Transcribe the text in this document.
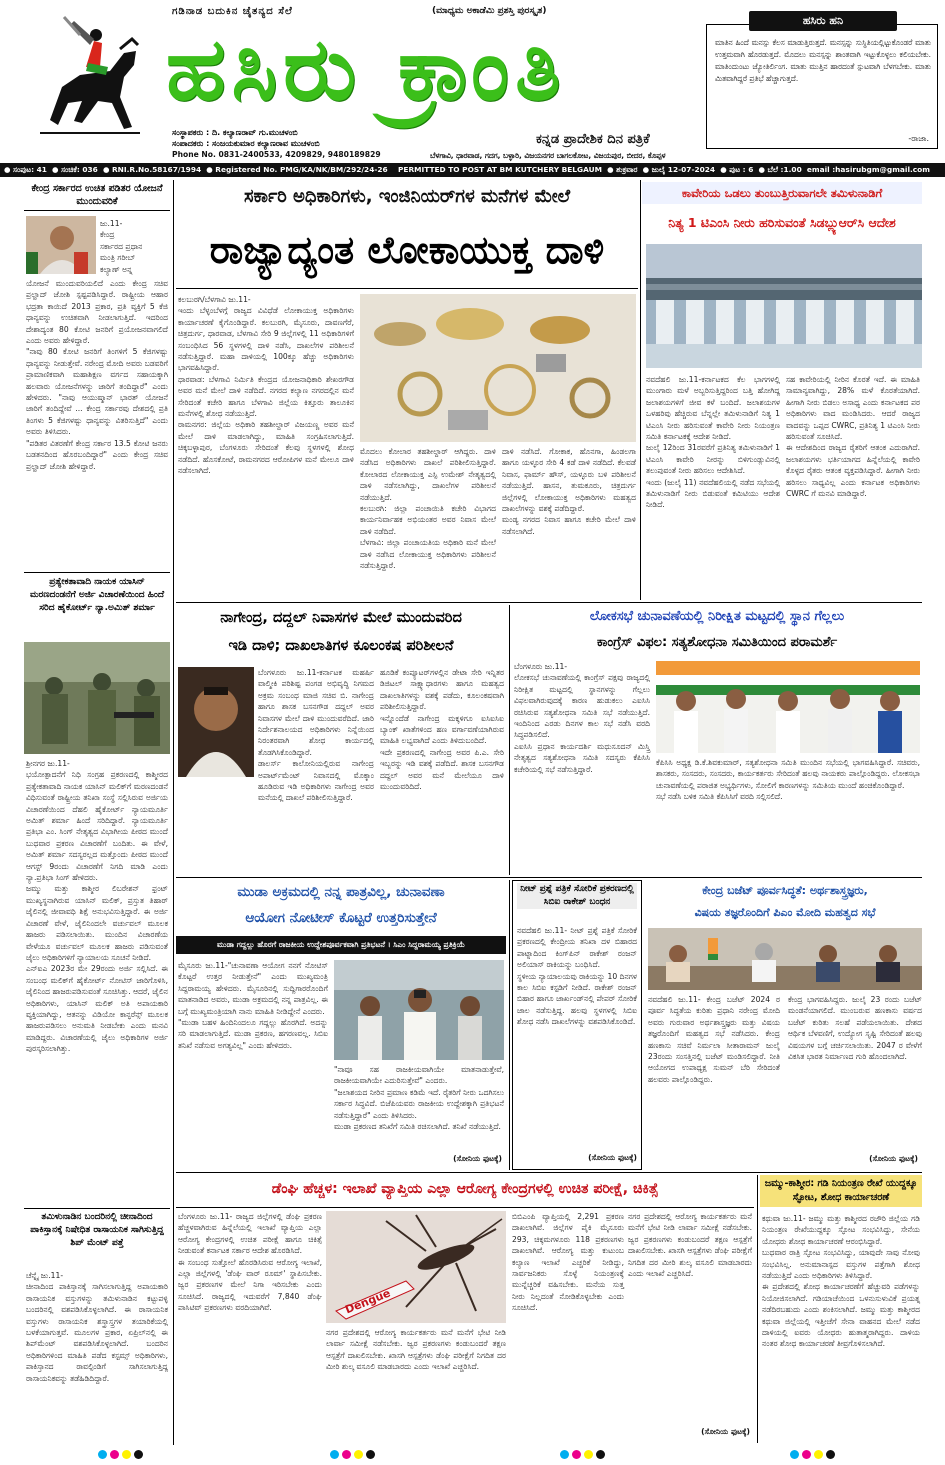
ಗಡಿನಾಡ ಬದುಕಿನ ಚೈತನ್ಯದ ಸೆಲೆ	(ಮಾಧ್ಯಮ ಅಕಾಡೆಮಿ ಪ್ರಶಸ್ತಿ ಪುರಸ್ಕೃತ)
ಹಸಿರು ಕ್ರಾಂತಿ
ಸಂಸ್ಥಾಪಕರು : ದಿ. ಕಲ್ಯಾಣರಾವ್ ಗು.ಮುಚಳಂಬಿ
ಸಂಪಾದಕರು : ಸಂಜಯಕುಮಾರ ಕಲ್ಯಾಣರಾವ ಮುಚಳಂಬಿ
Phone No. 0831-2400533, 4209829, 9480189829
ಕನ್ನಡ ಪ್ರಾದೇಶಿಕ ದಿನ ಪತ್ರಿಕೆ
ಬೆಳಗಾವಿ, ಧಾರವಾಡ, ಗದಗ, ಬಳ್ಳಾರಿ, ವಿಜಯನಗರ ಬಾಗಲಕೋಟ, ವಿಜಯಪುರ, ಬೀದರ, ಕೊಪ್ಪಳ
ಹಸಿರು ಹನಿ
ಮಾತಿನ ಹಿಂದೆ ಮನಸ್ಸು ಕೆಲಸ ಮಾಡುತ್ತಿರುತ್ತದೆ. ಮನಸ್ಸನ್ನು ಸುಸ್ಥಿತಿಯಲ್ಲಿಟ್ಟುಕೊಂಡರೆ ಮಾತು ಉತ್ತಮವಾಗಿ ಹೊರಡುತ್ತದೆ. ಮೊದಲು ಮನಸ್ಸನ್ನು ಶಾಂತವಾಗಿ ಇಟ್ಟುಕೊಳ್ಳಲು ಕಲಿಯಬೇಕು. ಮಾತಿಂದುಂಟು ಜ್ಯೋತಿರ್ಲಿಂಗ. ಮಾತು ಮುತ್ತಿನ ಹಾರದಂತೆ ಸ್ಪುಟವಾಗಿ ಬೆಳಗಬೇಕು. ಮಾತು ಮಿತವಾಗಿದ್ದರೆ ಪ್ರತಿಭೆ ಹೆಚ್ಚಾಗುತ್ತದೆ.
-ರಾಜಾ.
● ಸಂಪುಟ: 41 ● ಸಂಚಿಕೆ: 036 ● RNI.R.No.58167/1994 ● Registered No. PMG/KA/NK/BM/292/24-26 PERMITTED TO POST AT BM KUTCHERY BELGAUM ● ಶುಕ್ರವಾರ ● ಜುಲೈ 12-07-2024 ● ಪುಟ : 6 ● ಬೆಲೆ :1.00 email :hasirubgm@gmail.com
ಕೇಂದ್ರ ಸರ್ಕಾರದ ಉಚಿತ ಪಡಿತರ ಯೋಜನೆ ಮುಂದುವರಿಕೆ
ಜು.11-
ಕೇಂದ್ರ
ಸರ್ಕಾರದ ಪ್ರಧಾನ
ಮಂತ್ರಿ ಗರೀಬ್
ಕಲ್ಯಾಣ್ ಅನ್ನ
ಯೋಜನೆ ಮುಂದುವರಿಯಲಿದೆ ಎಂದು ಕೇಂದ್ರ ಸಚಿವ ಪ್ರಲ್ಹಾದ್ ಜೋಶಿ ಸ್ಪಷ್ಟಪಡಿಸಿದ್ದಾರೆ. ರಾಷ್ಟ್ರೀಯ ಆಹಾರ ಭದ್ರತಾ ಕಾಯಿದೆ 2013 ಪ್ರಕಾರ, ಪ್ರತಿ ವ್ಯಕ್ತಿಗೆ 5 ಕೆಜಿ ಧಾನ್ಯವನ್ನು ಉಚಿತವಾಗಿ ನೀಡಲಾಗುತ್ತಿದೆ. ಇದರಿಂದ ದೇಶಾದ್ಯಂತ 80 ಕೋಟಿ ಜನರಿಗೆ ಪ್ರಯೋಜನವಾಗಲಿದೆ ಎಂದು ಅವರು ಹೇಳಿದ್ದಾರೆ.
"ನಾವು 80 ಕೋಟಿ ಜನರಿಗೆ ತಿಂಗಳಿಗೆ 5 ಕೆಜಿಗಳಷ್ಟು ಧಾನ್ಯವನ್ನು ನೀಡುತ್ತೇವೆ. ನರೇಂದ್ರ ಮೋದಿ ಅವರು ಬಡವರಿಗೆ ಪ್ರಾಮಾಣಿಕವಾಗಿ ಮಹಾಶಿಕ್ಷಣ ವರ್ಗದ ಸಹಾಯಕ್ಕಾಗಿ ಹಲವಾರು ಯೋಜನೆಗಳನ್ನು ಜಾರಿಗೆ ತಂದಿದ್ದಾರೆ" ಎಂದು ಹೇಳಿದರು. "ನಾವು ಆಯುಷ್ಮಾನ್ ಭಾರತ್ ಯೋಜನೆ ಜಾರಿಗೆ ತಂದಿದ್ದೇವೆ ... ಕೇಂದ್ರ ಸರ್ಕಾರವು ದೇಶದಲ್ಲಿ ಪ್ರತಿ ತಿಂಗಳು 5 ಕೆಜಿಗಳಷ್ಟು ಧಾನ್ಯವನ್ನು ವಿತರಿಸುತ್ತಿದೆ" ಎಂದು ಅವರು ತಿಳಿಸಿದರು.
"ಪಡಿತರ ವಿತರಣೆಗೆ ಕೇಂದ್ರ ಸರ್ಕಾರ 13.5 ಕೋಟಿ ಜನರು ಬಡತನದಿಂದ ಹೊರಬಂದಿದ್ದಾರೆ" ಎಂದು ಕೇಂದ್ರ ಸಚಿವ ಪ್ರಲ್ಹಾದ್ ಜೋಶಿ ಹೇಳಿದ್ದಾರೆ.
ಪ್ರತ್ಯೇಕತಾವಾದಿ ನಾಯಕ ಯಾಸಿನ್ ಮರಣದಂಡನೆಗೆ ಅರ್ಜಿ ವಿಚಾರಣೆಯಿಂದ ಹಿಂದೆ ಸರಿದ ಹೈಕೋರ್ಟ್ ನ್ಯಾ.ಅಮಿತ್ ಶರ್ಮಾ
ಶ್ರೀನಗರ ಜು.11-
ಭಯೋತ್ಪಾದನೆಗೆ ನಿಧಿ ಸಂಗ್ರಹ ಪ್ರಕರಣದಲ್ಲಿ ಕಾಶ್ಮೀರದ ಪ್ರತ್ಯೇಕತಾವಾದಿ ನಾಯಕ ಯಾಸಿನ್ ಮಲಿಕ್‌ಗೆ ಮರಣದಂಡನೆ ವಿಧಿಸುವಂತೆ ರಾಷ್ಟ್ರೀಯ ತನಿಖಾ ಸಂಸ್ಥೆ ಸಲ್ಲಿಸಿರುವ ಅರ್ಜಿಯ ವಿಚಾರಣೆಯಿಂದ ದೆಹಲಿ ಹೈಕೋರ್ಟ್ ನ್ಯಾಯಮೂರ್ತಿ ಅಮಿತ್ ಶರ್ಮಾ ಹಿಂದೆ ಸರಿದಿದ್ದಾರೆ. ನ್ಯಾಯಮೂರ್ತಿ ಪ್ರತಿಭಾ ಎಂ. ಸಿಂಗ್ ನೇತೃತ್ವದ ವಿಭಾಗೀಯ ಪೀಠದ ಮುಂದೆ ಬುಧವಾರ ಪ್ರಕರಣ ವಿಚಾರಣೆಗೆ ಬಂದಿತು. ಈ ವೇಳೆ, ಅಮಿತ್ ಶರ್ಮಾ ಸದಸ್ಯರಲ್ಲದ ಮತ್ತೊಂದು ಪೀಠದ ಮುಂದೆ ಆಗಸ್ಟ್ 9ರಂದು ವಿಚಾರಣೆಗೆ ನಿಗದಿ ಮಾಡಿ ಎಂದು ನ್ಯಾ.ಪ್ರತಿಭಾ ಸಿಂಗ್ ಹೇಳಿದರು.
ಜಮ್ಮು ಮತ್ತು ಕಾಶ್ಮೀರ ಲಿಬರೇಶನ್ ಫ್ರಂಟ್ ಮುಖ್ಯಸ್ಥನಾಗಿರುವ ಯಾಸಿನ್ ಮಲಿಕ್, ಪ್ರಸ್ತುತ ತಿಹಾರ್ ಜೈಲಿನಲ್ಲಿ ಜೀವಾವಧಿ ಶಿಕ್ಷೆ ಅನುಭವಿಸುತ್ತಿದ್ದಾರೆ. ಈ ಅರ್ಜಿ ವಿಚಾರಣೆ ವೇಳೆ, ಜೈಲಿನಿಂದಲೇ ವರ್ಚುವಲ್ ಮೂಲಕ ಹಾಜರು ಪಡಿಸಲಾಯಿತು. ಮುಂದಿನ ವಿಚಾರಣೆಯ ವೇಳೆಯೂ ವರ್ಚುವಲ್ ಮೂಲಕ ಹಾಜರು ಪಡಿಸುವಂತೆ ಜೈಲು ಅಧಿಕಾರಿಗಳಿಗೆ ನ್ಯಾಯಾಲಯ ಸೂಚನೆ ನೀಡಿದೆ.
ಎನ್ಐಎ 2023ರ ಮೇ 29ರಂದು ಅರ್ಜಿ ಸಲ್ಲಿಸಿದೆ. ಈ ಸಂಬಂಧ ಮಲಿಕ್‌ಗೆ ಹೈಕೋರ್ಟ್ ನೋಟಿಸ್ ಜಾರಿಗೊಳಿಸಿ, ಜೈಲಿನಿಂದ ಹಾಜರುಪಡಿಸುವಂತೆ ಸೂಚಿಸಿತ್ತು. ಆದರೆ, ಜೈಲಿನ ಅಧಿಕಾರಿಗಳು, ಯಾಸಿನ್ ಮಲಿಕ್ ಅತಿ ಅಪಾಯಕಾರಿ ವ್ಯಕ್ತಿಯಾಗಿದ್ದು, ಆತನನ್ನು ವಿಡಿಯೋ ಕಾನ್ಫರೆನ್ಸ್ ಮೂಲಕ ಹಾಜರುಪಡಿಸಲು ಅನುಮತಿ ನೀಡಬೇಕು ಎಂದು ಮನವಿ ಮಾಡಿದ್ದರು. ವಿಚಾರಣೆಯಲ್ಲಿ ಜೈಲು ಅಧಿಕಾರಿಗಳ ಅರ್ಜಿ ಪುರಸ್ಕರಿಸಲಾಗಿತ್ತು.
ತಮಿಳುನಾಡಿನ ಬಂದರಿನಲ್ಲಿ ಚೀನಾದಿಂದ ಪಾಕಿಸ್ತಾನಕ್ಕೆ ನಿಷೇಧಿತ ರಾಸಾಯನಿಕ ಸಾಗಿಸುತ್ತಿದ್ದ ಶಿಪ್ ಮೆಂಟ್ ಪತ್ತೆ
ಚೆನ್ನೈ ಜು.11-
ಚೀನಾದಿಂದ ಪಾಕಿಸ್ತಾನಕ್ಕೆ ಸಾಗಿಸಲಾಗುತ್ತಿದ್ದ ಅಪಾಯಕಾರಿ ರಾಸಾಯನಿಕ ವಸ್ತುಗಳನ್ನು ತಮಿಳುನಾಡಿನ ಕಟ್ಟುಪಳ್ಳಿ ಬಂದರಿನಲ್ಲಿ ವಶಪಡಿಸಿಕೊಳ್ಳಲಾಗಿದೆ. ಈ ರಾಸಾಯನಿಕ ವಸ್ತುಗಳು ರಾಸಾಯನಿಕ ಶಸ್ತ್ರಾಸ್ತ್ರಗಳ ತಯಾರಿಕೆಯಲ್ಲಿ ಬಳಕೆಯಾಗುತ್ತವೆ. ಮೂಲಗಳ ಪ್ರಕಾರ, ಏಪ್ರಿಲ್‌ನಲ್ಲಿ ಈ ಶಿಪ್‌ಮೆಂಟ್ ವಶಪಡಿಸಿಕೊಳ್ಳಲಾಗಿದೆ. ಬಂದರಿನ ಅಧಿಕಾರಿಗಳಿಂದ ಮಾಹಿತಿ ಪಡೆದ ಕಸ್ಟಮ್ಸ್ ಅಧಿಕಾರಿಗಳು, ಪಾಕಿಸ್ತಾನದ ರಾವಲ್ಪಿಂಡಿಗೆ ಸಾಗಿಸಲಾಗುತ್ತಿದ್ದ ರಾಸಾಯನಿಕವನ್ನು ತಡೆಹಿಡಿದಿದ್ದಾರೆ.
ಸರ್ಕಾರಿ ಅಧಿಕಾರಿಗಳು, ಇಂಜಿನಿಯರ್‌ಗಳ ಮನೆಗಳ ಮೇಲೆ
ರಾಜ್ಯಾದ್ಯಂತ ಲೋಕಾಯುಕ್ತ ದಾಳಿ
ಕಲಬುರಗಿ/ಬೆಳಗಾವಿ ಜು.11-
ಇಂದು ಬೆಳ್ಳಂಬೆಳಗ್ಗೆ ರಾಜ್ಯದ ವಿವಿಧೆಡೆ ಲೋಕಾಯುಕ್ತ ಅಧಿಕಾರಿಗಳು ಕಾರ್ಯಾಚರಣೆ ಕೈಗೊಂಡಿದ್ದಾರೆ. ಕಲಬುರಗಿ, ಮೈಸೂರು, ದಾವಣಗೆರೆ, ಚಿತ್ರದುರ್ಗ, ಧಾರವಾಡ, ಬೆಳಗಾವಿ ಸೇರಿ 9 ಜಿಲ್ಲೆಗಳಲ್ಲಿ 11 ಅಧಿಕಾರಿಗಳಿಗೆ ಸಂಬಂಧಿಸಿದ 56 ಸ್ಥಳಗಳಲ್ಲಿ ದಾಳಿ ನಡೆಸಿ, ದಾಖಲೆಗಳ ಪರಿಶೀಲನೆ ನಡೆಸುತ್ತಿದ್ದಾರೆ. ಮಹಾ ದಾಳಿಯಲ್ಲಿ 100ಕ್ಕೂ ಹೆಚ್ಚು ಅಧಿಕಾರಿಗಳು ಭಾಗವಹಿಸಿದ್ದಾರೆ.
ಧಾರವಾಡ: ಬೆಳಗಾವಿ ನಿರ್ಮಿತಿ ಕೇಂದ್ರದ ಯೋಜನಾಧಿಕಾರಿ ಶೇಖರಗೌಡ ಅವರ ಮನೆ ಮೇಲೆ ದಾಳಿ ನಡೆದಿದೆ. ನಗರದ ಕಲ್ಯಾಣ ನಗರದಲ್ಲಿನ ಮನೆ ಸೇರಿದಂತೆ ಕಚೇರಿ ಹಾಗೂ ಬೆಳಗಾವಿ ಜಿಲ್ಲೆಯ ಕಿತ್ತೂರು ತಾಲೂಕಿನ ಮನೆಗಳಲ್ಲಿ ಶೋಧ ನಡೆಯುತ್ತಿದೆ.
ರಾಮನಗರ: ಜಿಲ್ಲೆಯ ಅಧಿಕಾರಿ ತಹಶೀಲ್ದಾರ್ ವಿಜಯಣ್ಣ ಅವರ ಮನೆ ಮೇಲೆ ದಾಳಿ ಮಾಡಲಾಗಿದ್ದು, ಮಾಹಿತಿ ಸಂಗ್ರಹಿಸಲಾಗುತ್ತಿದೆ. ಚಿಕ್ಕಬಳ್ಳಾಪುರ, ಬೆಂಗಳೂರು ಸೇರಿದಂತೆ ಕೆಲವು ಸ್ಥಳಗಳಲ್ಲಿ ಶೋಧ ನಡೆದಿದೆ. ಹೊಸಕೋಟೆ, ರಾಮನಗರದ ಆರೋಪಿಗಳ ಮನೆ ಮೇಲೂ ದಾಳಿ ನಡೆಸಲಾಗಿದೆ.
ಮೊದಲು ಕೋಲಾರ ತಹಶೀಲ್ದಾರ್ ಆಗಿದ್ದರು. ದಾಳಿ ನಡೆಸಿದ ಅಧಿಕಾರಿಗಳು ದಾಖಲೆ ಪರಿಶೀಲಿಸುತ್ತಿದ್ದಾರೆ. ಕೋಲಾರದ ಲೋಕಾಯುಕ್ತ ಎಸ್ಪಿ ಉಮೇಶ್ ನೇತೃತ್ವದಲ್ಲಿ ದಾಳಿ ನಡೆಸಲಾಗಿದ್ದು, ದಾಖಲೆಗಳ ಪರಿಶೀಲನೆ ನಡೆಯುತ್ತಿದೆ.
ಕಲಬುರಗಿ: ಜಿಲ್ಲಾ ಪಂಚಾಯಿತಿ ಕಚೇರಿ ವಿಭಾಗದ ಕಾರ್ಯನಿರ್ವಾಹಕ ಅಭಿಯಂತರ ಅವರ ನಿವಾಸ ಮೇಲೆ ದಾಳಿ ನಡೆದಿದೆ.
ಬೆಳಗಾವಿ: ಜಿಲ್ಲಾ ಪಂಚಾಯತಿಯ ಅಧಿಕಾರಿ ಮನೆ ಮೇಲೆ ದಾಳಿ ನಡೆಸಿದ ಲೋಕಾಯುಕ್ತ ಅಧಿಕಾರಿಗಳು ಪರಿಶೀಲನೆ ನಡೆಸುತ್ತಿದ್ದಾರೆ.
ದಾಳಿ ನಡೆಸಿದೆ. ಗೋಕಾಕ, ಹೊನಗಾ, ಹಿಂಡಲಗಾ ಹಾಗೂ ಯಳ್ಳೂರ ಸೇರಿ 4 ಕಡೆ ದಾಳಿ ನಡೆದಿದೆ. ಕೆಲವಡೆ ನಿವಾಸ, ಫಾರ್ಮ್ ಹೌಸ್, ಯಳ್ಳೂರು ಬಳಿ ಪರಿಶೀಲನೆ ನಡೆಯುತ್ತಿದೆ. ಹಾಸನ, ತುಮಕೂರು, ಚಿತ್ರದುರ್ಗ ಜಿಲ್ಲೆಗಳಲ್ಲಿ ಲೋಕಾಯುಕ್ತ ಅಧಿಕಾರಿಗಳು ಮಹತ್ವದ ದಾಖಲೆಗಳನ್ನು ವಶಕ್ಕೆ ಪಡೆದಿದ್ದಾರೆ.
ಮಂಡ್ಯ ನಗರದ ನಿವಾಸ ಹಾಗೂ ಕಚೇರಿ ಮೇಲೆ ದಾಳಿ ನಡೆಸಲಾಗಿದೆ.
ಕಾವೇರಿಯ ಒಡಲು ತುಂಬುತ್ತಿರುವಾಗಲೇ ತಮಿಳುನಾಡಿಗೆ
ನಿತ್ಯ 1 ಟಿಎಂಸಿ ನೀರು ಹರಿಸುವಂತೆ ಸಿಡಬ್ಲ್ಯುಆರ್‌ಸಿ ಆದೇಶ
ನವದೆಹಲಿ ಜು.11-ಕರ್ನಾಟಕದ ಕೆಲ ಭಾಗಗಳಲ್ಲಿ ಮುಂಗಾರು ಮಳೆ ಅಬ್ಬರಿಸುತ್ತಿದ್ದರಿಂದ ಬತ್ತಿ ಹೋಗಿದ್ದ ಜಲಾಶಯಗಳಿಗೆ ಜೀವ ಕಳೆ ಬಂದಿದೆ. ಜಲಾಶಯಗಳ ಒಳಹರಿವು ಹೆಚ್ಚಿರುವ ಬೆನ್ನಲ್ಲೇ ತಮಿಳುನಾಡಿಗೆ ನಿತ್ಯ 1 ಟಿಎಂಸಿ ನೀರು ಹರಿಸುವಂತೆ ಕಾವೇರಿ ನೀರು ನಿಯಂತ್ರಣ ಸಮಿತಿ ಕರ್ನಾಟಕಕ್ಕೆ ಆದೇಶ ನೀಡಿದೆ.
ಜುಲೈ 12ರಿಂದ 31ರವರೆಗೆ ಪ್ರತಿನಿತ್ಯ ತಮಿಳುನಾಡಿಗೆ 1 ಟಿಎಂಸಿ ಕಾವೇರಿ ನೀರನ್ನು ಬಿಳಿಗುಂಡ್ಲುವಿನಲ್ಲಿ ತಲುಪುವಂತೆ ನೀರು ಹರಿಸಲು ಆದೇಶಿಸಿದೆ.
ಇಂದು (ಜುಲೈ 11) ನವದೆಹಲಿಯಲ್ಲಿ ನಡೆದ ಸಭೆಯಲ್ಲಿ ತಮಿಳುನಾಡಿಗೆ ನೀರು ಬಿಡುವಂತೆ ಕಮಿಟಿಯು ಆದೇಶ ನೀಡಿದೆ.
ಸಹ ಕಾವೇರಿಯಲ್ಲಿ ನೀರಿನ ಕೊರತೆ ಇದೆ. ಈ ಮಾಹಿತಿ ಸಾಮಾನ್ಯವಾಗಿದ್ದು, 28% ಮಳೆ ಕೊರತೆಯಾಗಿದೆ. ಹೀಗಾಗಿ ನೀರು ಬಿಡಲು ಅಸಾಧ್ಯ ಎಂದು ಕರ್ನಾಟಕದ ಪರ ಅಧಿಕಾರಿಗಳು ವಾದ ಮಂಡಿಸಿದರು. ಆದರೆ ರಾಜ್ಯದ ವಾದವನ್ನು ಒಪ್ಪದ CWRC, ಪ್ರತಿನಿತ್ಯ 1 ಟಿಎಂಸಿ ನೀರು ಹರಿಸುವಂತೆ ಸೂಚಿಸಿದೆ.
ಈ ಆದೇಶದಿಂದ ರಾಜ್ಯದ ರೈತರಿಗೆ ಆತಂಕ ಎದುರಾಗಿದೆ. ಜಲಾಶಯಗಳು ಭರ್ತಿಯಾಗದ ಹಿನ್ನೆಲೆಯಲ್ಲಿ ಕಾವೇರಿ ಕೊಳ್ಳದ ರೈತರು ಆತಂಕ ವ್ಯಕ್ತಪಡಿಸಿದ್ದಾರೆ. ಹೀಗಾಗಿ ನೀರು ಹರಿಸಲು ಸಾಧ್ಯವಿಲ್ಲ ಎಂದು ಕರ್ನಾಟಕ ಅಧಿಕಾರಿಗಳು CWRC ಗೆ ಮನವಿ ಮಾಡಿದ್ದಾರೆ.
ನಾಗೇಂದ್ರ, ದದ್ದಲ್ ನಿವಾಸಗಳ ಮೇಲೆ ಮುಂದುವರಿದ
ಇಡಿ ದಾಳಿ; ದಾಖಲಾತಿಗಳ ಕೂಲಂಕಷ ಪರಿಶೀಲನೆ
ಬೆಂಗಳೂರು ಜು.11-ಕರ್ನಾಟಕ ಮಹರ್ಷಿ ವಾಲ್ಮೀಕಿ ಪರಿಶಿಷ್ಟ ಪಂಗಡ ಅಭಿವೃದ್ಧಿ ನಿಗಮದ ಅಕ್ರಮ ಸಂಬಂಧ ಮಾಜಿ ಸಚಿವ ಬಿ. ನಾಗೇಂದ್ರ ಹಾಗೂ ಶಾಸಕ ಬಸನಗೌಡ ದದ್ದಲ್ ಅವರ ನಿವಾಸಗಳ ಮೇಲೆ ದಾಳಿ ಮುಂದುವರೆದಿದೆ. ಜಾರಿ ನಿರ್ದೇಶನಾಲಯದ ಅಧಿಕಾರಿಗಳು ನಿನ್ನೆಯಿಂದ ನಿರಂತರವಾಗಿ ಶೋಧ ಕಾರ್ಯದಲ್ಲಿ ತೊಡಗಿಸಿಕೊಂಡಿದ್ದಾರೆ.
ಡಾಲರ್ಸ್ ಕಾಲೋನಿಯಲ್ಲಿರುವ ನಾಗೇಂದ್ರ ಅಪಾರ್ಟ್‌ಮೆಂಟ್ ನಿವಾಸದಲ್ಲಿ ಮೊಕ್ಕಾಂ ಹೂಡಿರುವ ಇಡಿ ಅಧಿಕಾರಿಗಳು ನಾಗೇಂದ್ರ ಅವರ ಮನೆಯಲ್ಲಿ ದಾಖಲೆ ಪರಿಶೀಲಿಸುತ್ತಿದ್ದಾರೆ.
ಹೂಡಿಕೆ ಕಂಪ್ಯೂಟರ್‌ಗಳಲ್ಲಿನ ಡೇಟಾ ಸೇರಿ ಇನ್ನಿತರ ಡಿಜಿಟಲ್ ಸಾಕ್ಷ್ಯಾಧಾರಗಳು ಹಾಗೂ ಮಹತ್ವದ ದಾಖಲಾತಿಗಳನ್ನು ವಶಕ್ಕೆ ಪಡೆದು, ಕೂಲಂಕಷವಾಗಿ ಪರಿಶೀಲಿಸುತ್ತಿದ್ದಾರೆ.
ಇನ್ನೊಂದೆಡೆ ನಾಗೇಂದ್ರ ಮಕ್ಕಳಿಗೂ ಐಸಿಐಸಿಐ ಬ್ಯಾಂಕ್ ಖಾತೆಗಳಿಂದ ಹಣ ವರ್ಗಾವಣೆಯಾಗಿರುವ ಮಾಹಿತಿ ಲಭ್ಯವಾಗಿದೆ ಎಂದು ತಿಳಿದುಬಂದಿದೆ.
ಇದೇ ಪ್ರಕರಣದಲ್ಲಿ ನಾಗೇಂದ್ರ ಅವರ ಪಿ.ಎ. ಸೇರಿ ಇಬ್ಬರನ್ನು ಇಡಿ ವಶಕ್ಕೆ ಪಡೆದಿದೆ. ಶಾಸಕ ಬಸನಗೌಡ ದದ್ದಲ್ ಅವರ ಮನೆ ಮೇಲೆಯೂ ದಾಳಿ ಮುಂದುವರಿದಿದೆ.
ಲೋಕಸಭೆ ಚುನಾವಣೆಯಲ್ಲಿ ನಿರೀಕ್ಷಿತ ಮಟ್ಟದಲ್ಲಿ ಸ್ಥಾನ ಗೆಲ್ಲಲು
ಕಾಂಗ್ರೆಸ್ ವಿಫಲ: ಸತ್ಯಶೋಧನಾ ಸಮಿತಿಯಿಂದ ಪರಾಮರ್ಶೆ
ಬೆಂಗಳೂರು ಜು.11-
ಲೋಕಸಭೆ ಚುನಾವಣೆಯಲ್ಲಿ ಕಾಂಗ್ರೆಸ್ ಪಕ್ಷವು ರಾಜ್ಯದಲ್ಲಿ ನಿರೀಕ್ಷಿತ ಮಟ್ಟದಲ್ಲಿ ಸ್ಥಾನಗಳನ್ನು ಗೆಲ್ಲಲು ವಿಫಲವಾಗಿರುವುದಕ್ಕೆ ಕಾರಣ ಹುಡುಕಲು ಎಐಸಿಸಿ ರಚಿಸಿರುವ ಸತ್ಯಶೋಧನಾ ಸಮಿತಿ ಸಭೆ ನಡೆಯುತ್ತಿದೆ. ಇಂದಿನಿಂದ ಎರಡು ದಿನಗಳ ಕಾಲ ಸಭೆ ನಡೆಸಿ ವರದಿ ಸಿದ್ಧಪಡಿಸಲಿದೆ.
ಎಐಸಿಸಿ ಪ್ರಧಾನ ಕಾರ್ಯದರ್ಶಿ ಮಧುಸೂದನ್ ಮಿಸ್ತ್ರಿ ನೇತೃತ್ವದ ಸತ್ಯಶೋಧನಾ ಸಮಿತಿ ಸದಸ್ಯರು ಕೆಪಿಸಿಸಿ ಕಚೇರಿಯಲ್ಲಿ ಸಭೆ ನಡೆಸುತ್ತಿದ್ದಾರೆ.
ಕೆಪಿಸಿಸಿ ಅಧ್ಯಕ್ಷ ಡಿ.ಕೆ.ಶಿವಕುಮಾರ್, ಸತ್ಯಶೋಧನಾ ಸಮಿತಿ ಮುಂದಿನ ಸಭೆಯಲ್ಲಿ ಭಾಗವಹಿಸಿದ್ದಾರೆ. ಸಚಿವರು, ಶಾಸಕರು, ಸಂಸದರು, ಸಂಸದರು, ಕಾರ್ಯಕರ್ತರು ಸೇರಿದಂತೆ ಹಲವು ನಾಯಕರು ಪಾಲ್ಗೊಂಡಿದ್ದರು. ಲೋಕಸಭಾ ಚುನಾವಣೆಯಲ್ಲಿ ಪರಾಜಿತ ಅಭ್ಯರ್ಥಿಗಳು, ಸೋಲಿಗೆ ಕಾರಣಗಳನ್ನು ಸಮಿತಿಯ ಮುಂದೆ ಹಂಚಿಕೊಂಡಿದ್ದಾರೆ.
ಸಭೆ ನಡೆಸಿ ಬಳಿಕ ಸಮಿತಿ ಕೆಪಿಸಿಸಿಗೆ ವರದಿ ಸಲ್ಲಿಸಲಿದೆ.
ಮುಡಾ ಅಕ್ರಮದಲ್ಲಿ ನನ್ನ ಪಾತ್ರವಿಲ್ಲ, ಚುನಾವಣಾ
ಆಯೋಗ ನೋಟೀಸ್ ಕೊಟ್ಟರೆ ಉತ್ತರಿಸುತ್ತೇನೆ
ಮುಡಾ ಗದ್ದಲ್ಲು ಹೊರಗೆ ರಾಜಕೀಯ ಉದ್ದೇಶಪೂರ್ವಕವಾಗಿ ಪ್ರತಿಭಟನೆ । ಸಿಎಂ ಸಿದ್ದರಾಮಯ್ಯ ಪ್ರತಿಕ್ರಿಯೆ
ಮೈಸೂರು ಜು.11-"ಚುನಾವಣಾ ಆಯೋಗ ನನಗೆ ನೋಟಿಸ್ ಕೊಟ್ಟರೆ ಉತ್ತರ ನೀಡುತ್ತೇನೆ" ಎಂದು ಮುಖ್ಯಮಂತ್ರಿ ಸಿದ್ದರಾಮಯ್ಯ ಹೇಳಿದರು. ಮೈಸೂರಿನಲ್ಲಿ ಸುದ್ದಿಗಾರರೊಂದಿಗೆ ಮಾತನಾಡಿದ ಅವರು, ಮುಡಾ ಅಕ್ರಮದಲ್ಲಿ ನನ್ನ ಪಾತ್ರವಿಲ್ಲ. ಈ ಬಗ್ಗೆ ಮುಖ್ಯಮಂತ್ರಿಯಾಗಿ ನಾನು ಮಾಹಿತಿ ನೀಡಿದ್ದೇನೆ ಎಂದರು.
"ಮುಡಾ ಬಹಳ ಹಿಂದಿನಿಂದಲೂ ಗದ್ದಲ್ಲು ಹೊರಗಿದೆ. ಅದನ್ನು ಸರಿ ಮಾಡಲಾಗುತ್ತಿದೆ. ಮುಡಾ ಪ್ರಕರಣ, ಹಗರಣವಲ್ಲ. ಸಿಬಿಐ ತನಿಖೆ ನಡೆಸುವ ಅಗತ್ಯವಿಲ್ಲ" ಎಂದು ಹೇಳಿದರು.
"ನಾವೂ ಸಹ ರಾಜಕೀಯವಾಗಿಯೇ ಮಾತನಾಡುತ್ತೇವೆ, ರಾಜಕೀಯವಾಗಿಯೇ ಎದುರಿಸುತ್ತೇವೆ" ಎಂದರು.
"ಜಲಾಶಯದ ನೀರಿನ ಪ್ರಮಾಣ ಕಡಿಮೆ ಇದೆ. ರೈತರಿಗೆ ನೀರು ಒದಗಿಸಲು ಸರ್ಕಾರ ಸಿದ್ಧವಿದೆ. ಬಿಜೆಪಿಯವರು ರಾಜಕೀಯ ಉದ್ದೇಶಕ್ಕಾಗಿ ಪ್ರತಿಭಟನೆ ನಡೆಸುತ್ತಿದ್ದಾರೆ" ಎಂದು ತಿಳಿಸಿದರು.
ಮುಡಾ ಪ್ರಕರಣದ ತನಿಖೆಗೆ ಸಮಿತಿ ರಚಿಸಲಾಗಿದೆ. ತನಿಖೆ ನಡೆಯುತ್ತಿದೆ.
(ಸೋನಿಯ ಫುಟಕ್ಕೆ)
ನೀಟ್ ಪ್ರಶ್ನೆ ಪತ್ರಿಕೆ ಸೋರಿಕೆ ಪ್ರಕರಣದಲ್ಲಿ ಸಿಬಿಐ ರಾಕೇಶ್ ಬಂಧನ
ನವದೆಹಲಿ ಜು.11- ನೀಟ್ ಪ್ರಶ್ನೆ ಪತ್ರಿಕೆ ಸೋರಿಕೆ ಪ್ರಕರಣದಲ್ಲಿ ಕೇಂದ್ರೀಯ ತನಿಖಾ ದಳ ಬಿಹಾರದ ಪಾಟ್ನಾದಿಂದ ಕಿಂಗ್‌ಪಿನ್ ರಾಕೇಶ್ ರಂಜನ್ ಅಲಿಯಾಸ್ ರಾಕಿಯನ್ನು ಬಂಧಿಸಿದೆ.
ಸ್ಥಳೀಯ ನ್ಯಾಯಾಲಯವು ರಾಕಿಯನ್ನು 10 ದಿನಗಳ ಕಾಲ ಸಿಬಿಐ ಕಸ್ಟಡಿಗೆ ನೀಡಿದೆ. ರಾಕೇಶ್ ರಂಜನ್ ಬಿಹಾರ ಹಾಗೂ ಜಾರ್ಖಂಡ್‌ನಲ್ಲಿ ಪೇಪರ್ ಸೋರಿಕೆ ಜಾಲ ನಡೆಸುತ್ತಿದ್ದ. ಹಲವು ಸ್ಥಳಗಳಲ್ಲಿ ಸಿಬಿಐ ಶೋಧ ನಡೆಸಿ ದಾಖಲೆಗಳನ್ನು ವಶಪಡಿಸಿಕೊಂಡಿದೆ.
(ಸೋನಿಯ ಫುಟಕ್ಕೆ)
ಕೇಂದ್ರ ಬಜೆಟ್ ಪೂರ್ವಸಿದ್ಧತೆ: ಅರ್ಥಶಾಸ್ತ್ರಜ್ಞರು,
ವಿಷಯ ತಜ್ಞರೊಂದಿಗೆ ಪಿಎಂ ಮೋದಿ ಮಹತ್ವದ ಸಭೆ
ನವದೆಹಲಿ ಜು.11- ಕೇಂದ್ರ ಬಜೆಟ್ 2024 ರ ಪೂರ್ವ ಸಿದ್ಧತೆಯ ಕುರಿತು ಪ್ರಧಾನಿ ನರೇಂದ್ರ ಮೋದಿ ಅವರು ಗುರುವಾರ ಅರ್ಥಶಾಸ್ತ್ರಜ್ಞರು ಮತ್ತು ವಿಷಯ ತಜ್ಞರೊಂದಿಗೆ ಮಹತ್ವದ ಸಭೆ ನಡೆಸಿದರು. ಕೇಂದ್ರ ಹಣಕಾಸು ಸಚಿವೆ ನಿರ್ಮಲಾ ಸೀತಾರಾಮನ್ ಜುಲೈ 23ರಂದು ಸಂಸತ್ತಿನಲ್ಲಿ ಬಜೆಟ್ ಮಂಡಿಸಲಿದ್ದಾರೆ. ನೀತಿ ಆಯೋಗದ ಉಪಾಧ್ಯಕ್ಷ ಸುಮನ್ ಬೆರಿ ಸೇರಿದಂತೆ ಹಲವರು ಪಾಲ್ಗೊಂಡಿದ್ದರು.
ಕೇಂದ್ರ ಭಾಗವಹಿಸಿದ್ದರು. ಜುಲೈ 23 ರಂದು ಬಜೆಟ್ ಮಂಡನೆಯಾಗಲಿದೆ. ಮುಂಬರುವ ಹಣಕಾಸು ವರ್ಷದ ಬಜೆಟ್ ಕುರಿತು ಸಲಹೆ ಪಡೆಯಲಾಯಿತು. ದೇಶದ ಆರ್ಥಿಕ ಬೆಳವಣಿಗೆ, ಉದ್ಯೋಗ ಸೃಷ್ಟಿ ಸೇರಿದಂತೆ ಹಲವು ವಿಷಯಗಳ ಬಗ್ಗೆ ಚರ್ಚಿಸಲಾಯಿತು. 2047 ರ ವೇಳೆಗೆ ವಿಕಸಿತ ಭಾರತ ನಿರ್ಮಾಣದ ಗುರಿ ಹೊಂದಲಾಗಿದೆ.
(ಸೋನಿಯ ಫುಟಕ್ಕೆ)
ಡೆಂಘಿ ಹೆಚ್ಚಳ: ಇಲಾಖೆ ವ್ಯಾಪ್ತಿಯ ಎಲ್ಲಾ ಆರೋಗ್ಯ ಕೇಂದ್ರಗಳಲ್ಲಿ ಉಚಿತ ಪರೀಕ್ಷೆ, ಚಿಕಿತ್ಸೆ
ಬೆಂಗಳೂರು ಜು.11- ರಾಜ್ಯದ ಜಿಲ್ಲೆಗಳಲ್ಲಿ ಡೆಂಘಿ ಪ್ರಕರಣ ಹೆಚ್ಚಳವಾಗಿರುವ ಹಿನ್ನೆಲೆಯಲ್ಲಿ ಇಲಾಖೆ ವ್ಯಾಪ್ತಿಯ ಎಲ್ಲಾ ಆರೋಗ್ಯ ಕೇಂದ್ರಗಳಲ್ಲಿ ಉಚಿತ ಪರೀಕ್ಷೆ ಹಾಗೂ ಚಿಕಿತ್ಸೆ ನೀಡುವಂತೆ ಕರ್ನಾಟಕ ಸರ್ಕಾರ ಆದೇಶ ಹೊರಡಿಸಿದೆ.
ಈ ಸಂಬಂಧ ಸುತ್ತೋಲೆ ಹೊರಡಿಸಿರುವ ಆರೋಗ್ಯ ಇಲಾಖೆ, ಎಲ್ಲಾ ಜಿಲ್ಲೆಗಳಲ್ಲಿ 'ಡೆಂಘಿ ವಾರ್ ರೂಮ್' ಸ್ಥಾಪಿಸಬೇಕು. ಜ್ವರ ಪ್ರಕರಣಗಳ ಮೇಲೆ ನಿಗಾ ಇರಿಸಬೇಕು ಎಂದು ಸೂಚಿಸಿದೆ. ರಾಜ್ಯದಲ್ಲಿ ಇದುವರೆಗೆ 7,840 ಡೆಂಘಿ ಪಾಸಿಟಿವ್ ಪ್ರಕರಣಗಳು ವರದಿಯಾಗಿವೆ.	Dengue
ಬಿಬಿಎಂಪಿ ವ್ಯಾಪ್ತಿಯಲ್ಲಿ 2,291 ಪ್ರಕರಣ ದಾಖಲಾಗಿವೆ. ಜಿಲ್ಲೆಗಳ ಪೈಕಿ ಮೈಸೂರು 293, ಚಿಕ್ಕಮಗಳೂರು 118 ಪ್ರಕರಣಗಳು ದಾಖಲಾಗಿವೆ. ಆರೋಗ್ಯ ಮತ್ತು ಕುಟುಂಬ ಕಲ್ಯಾಣ ಇಲಾಖೆ ಎಚ್ಚರಿಕೆ ನೀಡಿದ್ದು, ಸಾರ್ವಜನಿಕರು ಸೊಳ್ಳೆ ನಿಯಂತ್ರಣಕ್ಕೆ ಮುನ್ನೆಚ್ಚರಿಕೆ ವಹಿಸಬೇಕು. ಮನೆಯ ಸುತ್ತ ನೀರು ನಿಲ್ಲದಂತೆ ನೋಡಿಕೊಳ್ಳಬೇಕು ಎಂದು ಸೂಚಿಸಿದೆ.
ನಗರ ಪ್ರದೇಶದಲ್ಲಿ ಆರೋಗ್ಯ ಕಾರ್ಯಕರ್ತರು ಮನೆ ಮನೆಗೆ ಭೇಟಿ ನೀಡಿ ಲಾರ್ವಾ ಸಮೀಕ್ಷೆ ನಡೆಸಬೇಕು. ಜ್ವರ ಪ್ರಕರಣಗಳು ಕಂಡುಬಂದರೆ ತಕ್ಷಣ ಆಸ್ಪತ್ರೆಗೆ ದಾಖಲಿಸಬೇಕು. ಖಾಸಗಿ ಆಸ್ಪತ್ರೆಗಳು ಡೆಂಘಿ ಪರೀಕ್ಷೆಗೆ ನಿಗದಿತ ದರ ಮೀರಿ ಶುಲ್ಕ ವಸೂಲಿ ಮಾಡಬಾರದು ಎಂದು ಇಲಾಖೆ ಎಚ್ಚರಿಸಿದೆ.
ನಗರ ಪ್ರದೇಶದಲ್ಲಿ ಆರೋಗ್ಯ ಕಾರ್ಯಕರ್ತರು ಮನೆ ಮನೆಗೆ ಭೇಟಿ ನೀಡಿ ಲಾರ್ವಾ ಸಮೀಕ್ಷೆ ನಡೆಸಬೇಕು. ಜ್ವರ ಪ್ರಕರಣಗಳು ಕಂಡುಬಂದರೆ ತಕ್ಷಣ ಆಸ್ಪತ್ರೆಗೆ ದಾಖಲಿಸಬೇಕು. ಖಾಸಗಿ ಆಸ್ಪತ್ರೆಗಳು ಡೆಂಘಿ ಪರೀಕ್ಷೆಗೆ ನಿಗದಿತ ದರ ಮೀರಿ ಶುಲ್ಕ ವಸೂಲಿ ಮಾಡಬಾರದು ಎಂದು ಇಲಾಖೆ ಎಚ್ಚರಿಸಿದೆ.
(ಸೋನಿಯ ಫುಟಕ್ಕೆ)
ಜಮ್ಮು-ಕಾಶ್ಮೀರ: ಗಡಿ ನಿಯಂತ್ರಣ ರೇಖೆ ಯುದ್ದಕ್ಕೂ ಸ್ಫೋಟ, ಶೋಧ ಕಾರ್ಯಾಚರಣೆ
ಕಥುವಾ ಜು.11- ಜಮ್ಮು ಮತ್ತು ಕಾಶ್ಮೀರದ ರಜೌರಿ ಜಿಲ್ಲೆಯ ಗಡಿ ನಿಯಂತ್ರಣ ರೇಖೆಯುದ್ದಕ್ಕೂ ಸ್ಫೋಟ ಸಂಭವಿಸಿದ್ದು, ಸೇನೆಯ ಯೋಧರು ಶೋಧ ಕಾರ್ಯಾಚರಣೆ ಆರಂಭಿಸಿದ್ದಾರೆ.
ಬುಧವಾರ ರಾತ್ರಿ ಸ್ಫೋಟ ಸಂಭವಿಸಿದ್ದು, ಯಾವುದೇ ಸಾವು ನೋವು ಸಂಭವಿಸಿಲ್ಲ. ಅನುಮಾನಾಸ್ಪದ ವಸ್ತುಗಳ ಪತ್ತೆಗಾಗಿ ಶೋಧ ನಡೆಯುತ್ತಿದೆ ಎಂದು ಅಧಿಕಾರಿಗಳು ತಿಳಿಸಿದ್ದಾರೆ.
ಈ ಪ್ರದೇಶದಲ್ಲಿ ಶೋಧ ಕಾರ್ಯಾಚರಣೆಗೆ ಹೆಚ್ಚುವರಿ ಪಡೆಗಳನ್ನು ನಿಯೋಜಿಸಲಾಗಿದೆ. ಗಡಿಯಾಚೆಯಿಂದ ಒಳನುಸುಳುವಿಕೆ ಪ್ರಯತ್ನ ನಡೆದಿರಬಹುದು ಎಂದು ಶಂಕಿಸಲಾಗಿದೆ. ಜಮ್ಮು ಮತ್ತು ಕಾಶ್ಮೀರದ ಕಥುವಾ ಜಿಲ್ಲೆಯಲ್ಲಿ ಇತ್ತೀಚೆಗೆ ಸೇನಾ ವಾಹನದ ಮೇಲೆ ನಡೆದ ದಾಳಿಯಲ್ಲಿ ಐವರು ಯೋಧರು ಹುತಾತ್ಮರಾಗಿದ್ದರು. ದಾಳಿಯ ನಂತರ ಶೋಧ ಕಾರ್ಯಾಚರಣೆ ತೀವ್ರಗೊಳಿಸಲಾಗಿದೆ.
